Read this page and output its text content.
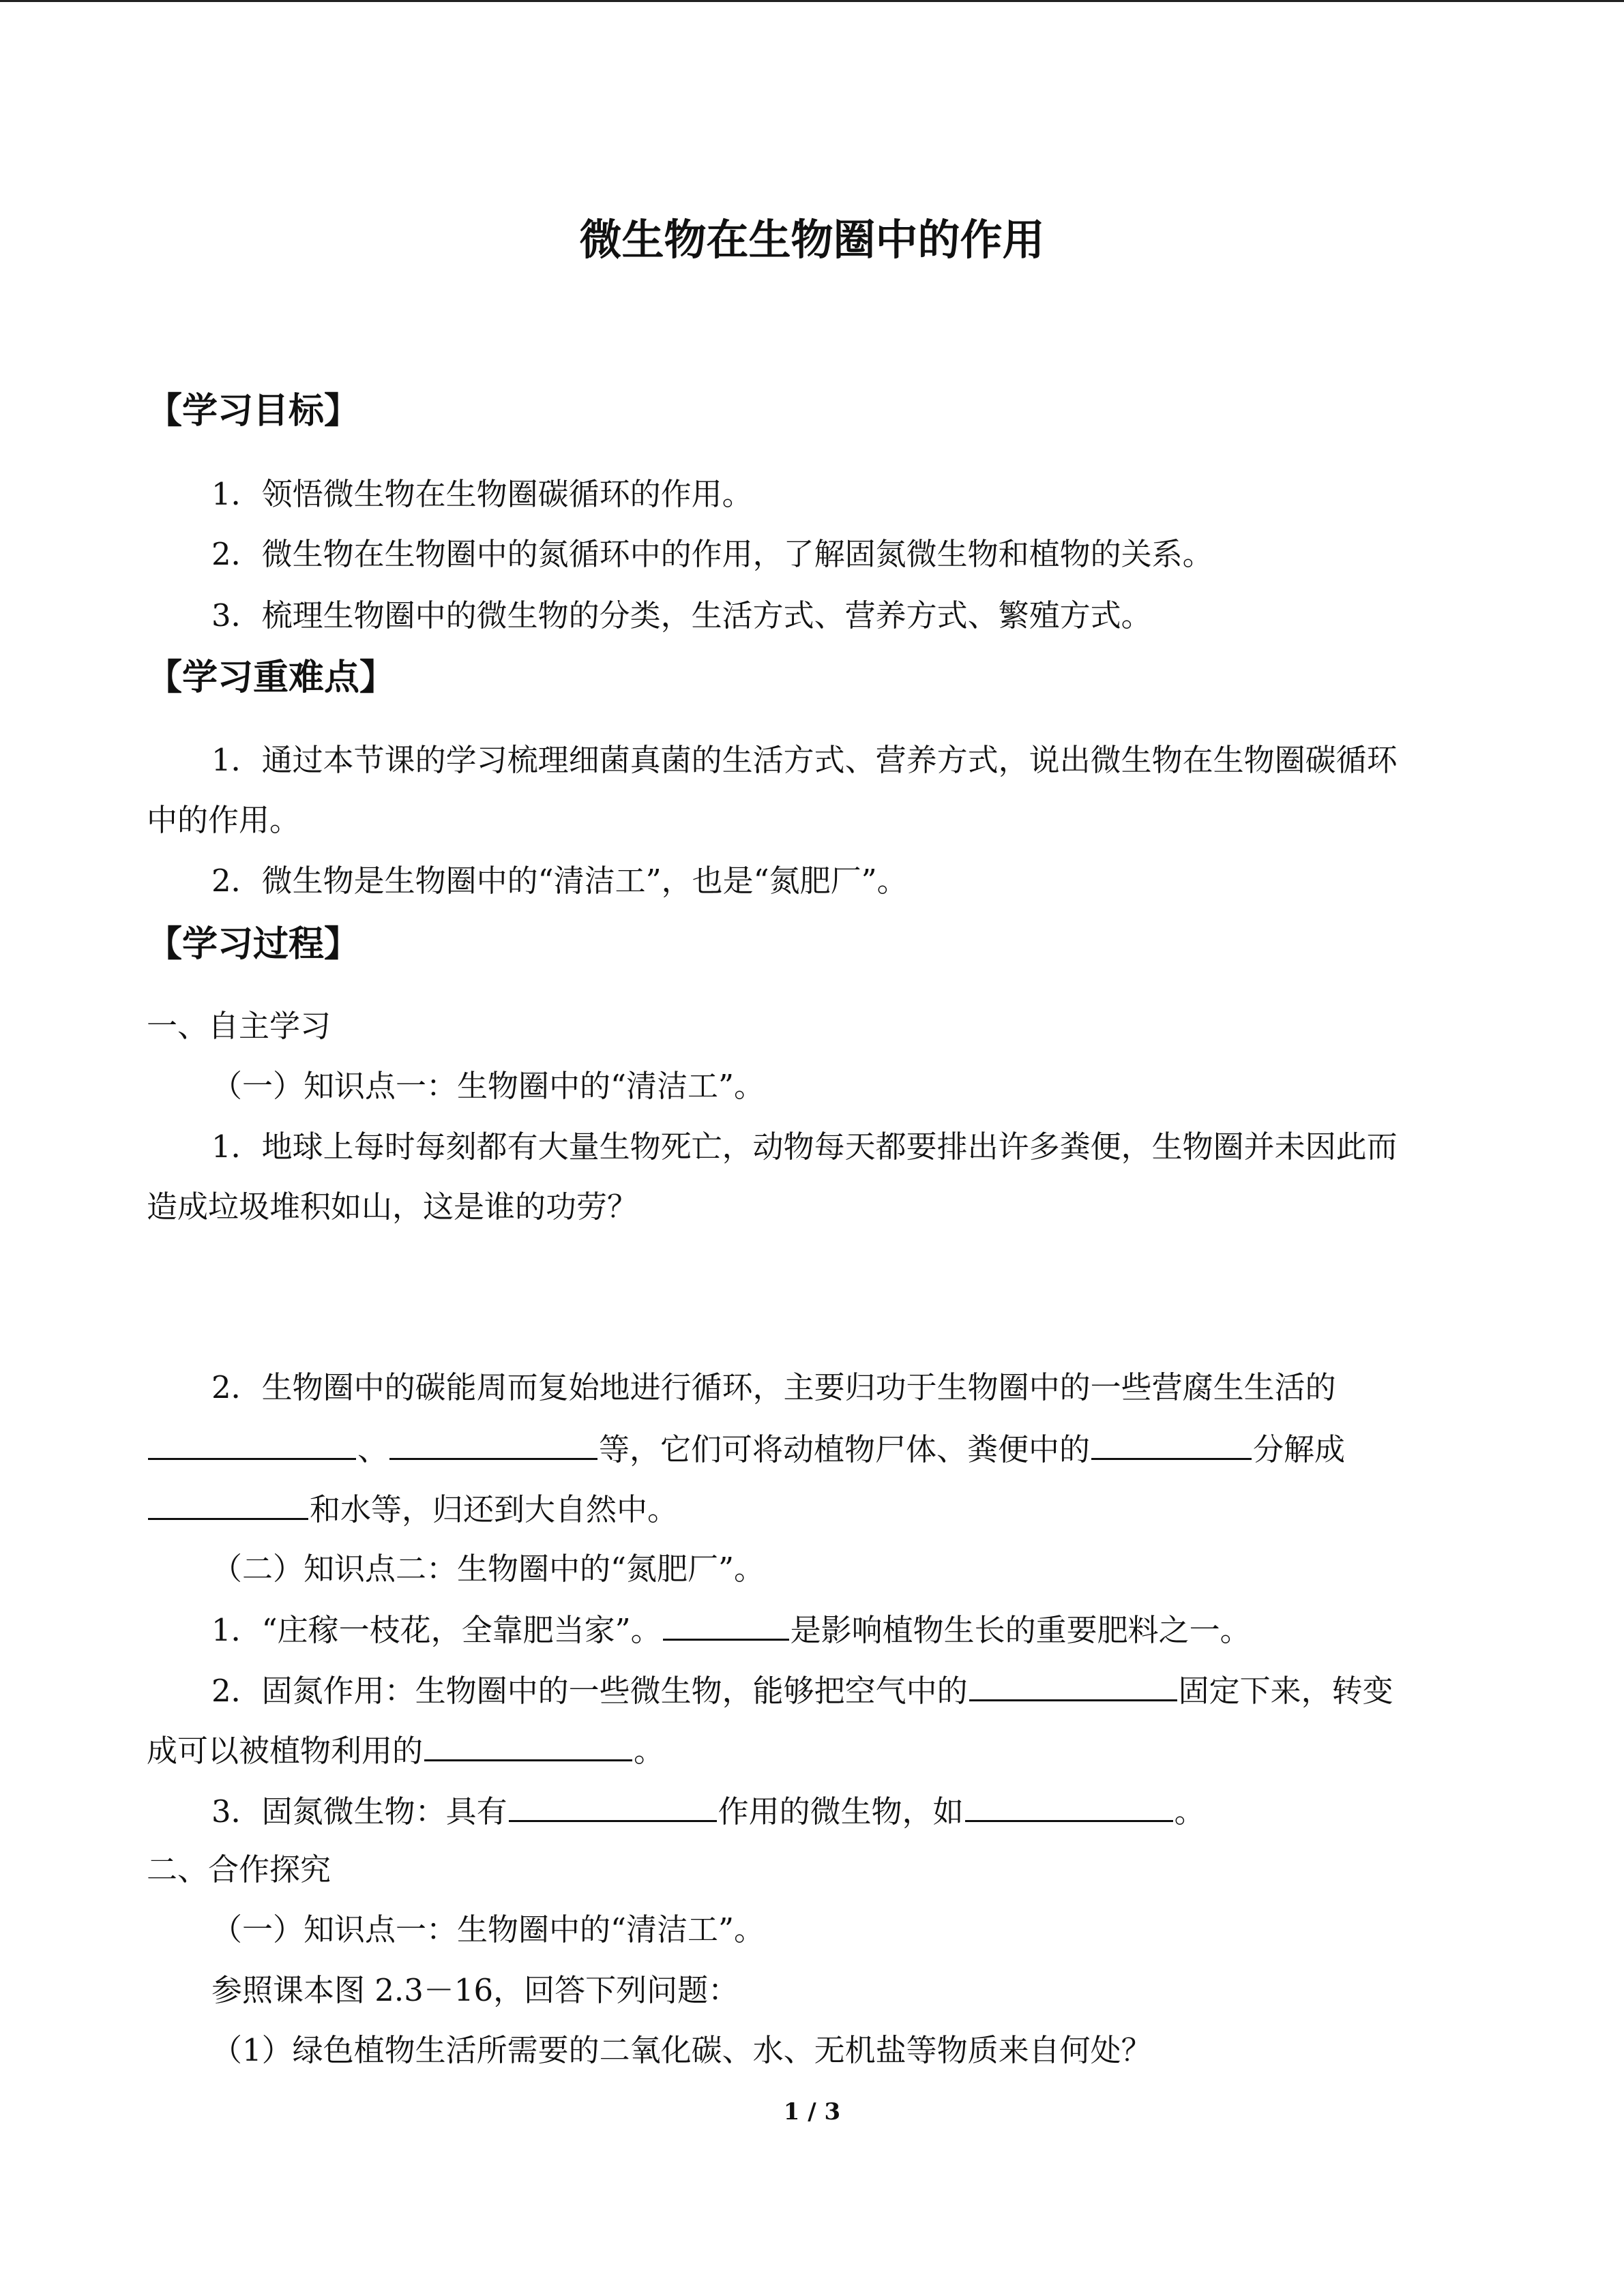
微生物在生物圈中的作用
【学习目标】
1．领悟微生物在生物圈碳循环的作用。
2．微生物在生物圈中的氮循环中的作用，了解固氮微生物和植物的关系。
3．梳理生物圈中的微生物的分类，生活方式、营养方式、繁殖方式。
【学习重难点】
1．通过本节课的学习梳理细菌真菌的生活方式、营养方式，说出微生物在生物圈碳循环
中的作用。
2．微生物是生物圈中的“清洁工”，也是“氮肥厂”。
【学习过程】
一、自主学习
（一）知识点一：生物圈中的“清洁工”。
1．地球上每时每刻都有大量生物死亡，动物每天都要排出许多粪便，生物圈并未因此而
造成垃圾堆积如山，这是谁的功劳？
2．生物圈中的碳能周而复始地进行循环，主要归功于生物圈中的一些营腐生生活的
、	等，它们可将动植物尸体、粪便中的	分解成
和水等，归还到大自然中。
（二）知识点二：生物圈中的“氮肥厂”。
1．“庄稼一枝花，全靠肥当家”。	是影响植物生长的重要肥料之一。
2．固氮作用：生物圈中的一些微生物，能够把空气中的	固定下来，转变
成可以被植物利用的	。
3．固氮微生物：具有	作用的微生物，如	。
二、合作探究
（一）知识点一：生物圈中的“清洁工”。
参照课本图 2.3－16，回答下列问题：
（1）绿色植物生活所需要的二氧化碳、水、无机盐等物质来自何处？
1 / 3
